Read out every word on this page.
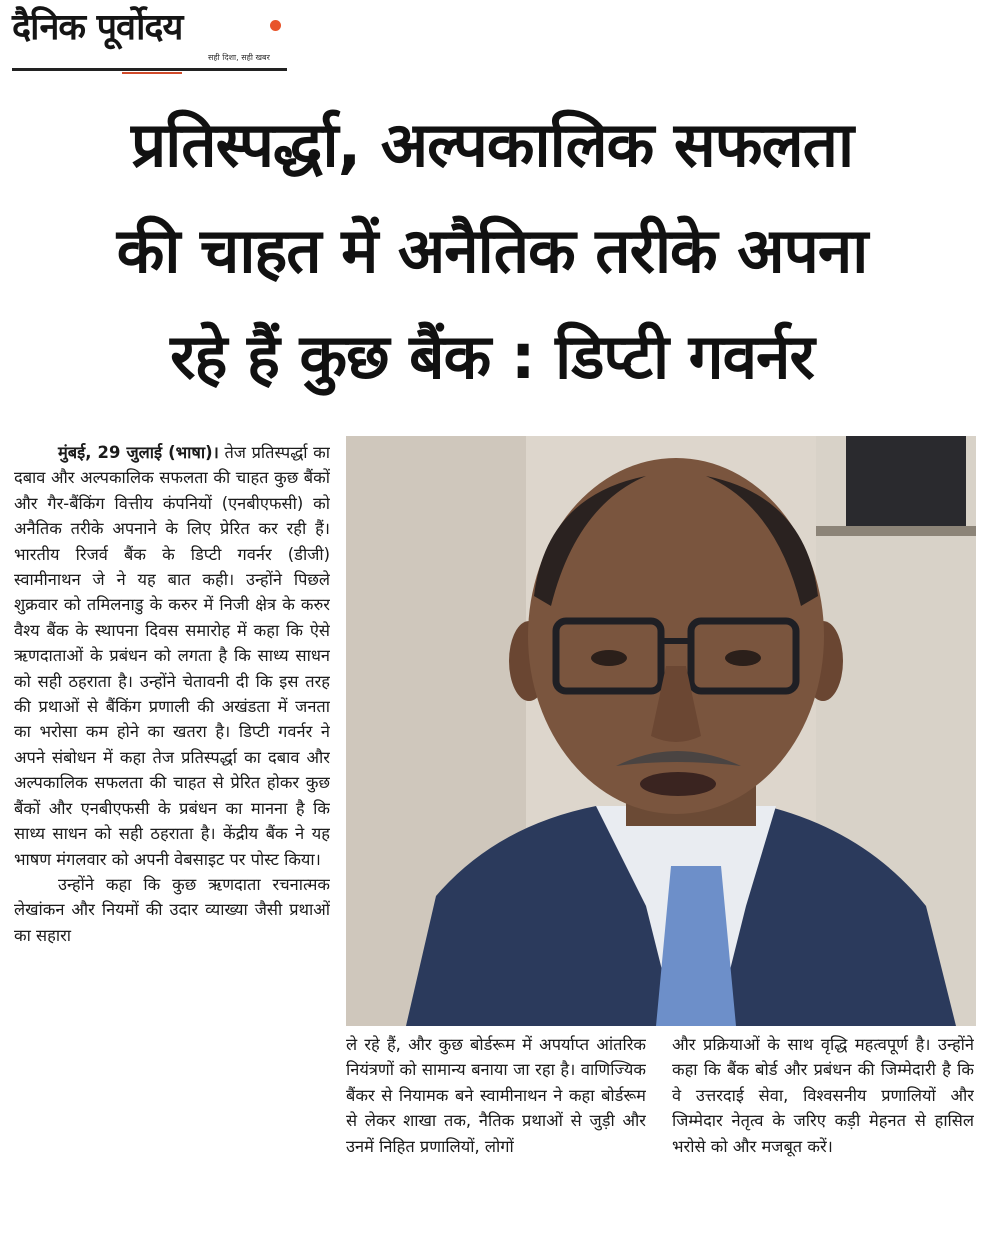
दैनिक पूर्वोदय
सही दिशा, सही खबर
प्रतिस्पर्द्धा, अल्पकालिक सफलता
की चाहत में अनैतिक तरीके अपना
रहे हैं कुछ बैंक : डिप्टी गवर्नर

मुंबई, 29 जुलाई (भाषा)। तेज प्रतिस्पर्द्धा का दबाव और अल्पकालिक सफलता की चाहत कुछ बैंकों और गैर-बैंकिंग वित्तीय कंपनियों (एनबीएफसी) को अनैतिक तरीके अपनाने के लिए प्रेरित कर रही हैं। भारतीय रिजर्व बैंक के डिप्टी गवर्नर (डीजी) स्वामीनाथन जे ने यह बात कही। उन्होंने पिछले शुक्रवार को तमिलनाडु के करुर में निजी क्षेत्र के करुर वैश्य बैंक के स्थापना दिवस समारोह में कहा कि ऐसे ऋणदाताओं के प्रबंधन को लगता है कि साध्य साधन को सही ठहराता है। उन्होंने चेतावनी दी कि इस तरह की प्रथाओं से बैंकिंग प्रणाली की अखंडता में जनता का भरोसा कम होने का खतरा है। डिप्टी गवर्नर ने अपने संबोधन में कहा तेज प्रतिस्पर्द्धा का दबाव और अल्पकालिक सफलता की चाहत से प्रेरित होकर कुछ बैंकों और एनबीएफसी के प्रबंधन का मानना है कि साध्य साधन को सही ठहराता है। केंद्रीय बैंक ने यह भाषण मंगलवार को अपनी वेबसाइट पर पोस्ट किया।

उन्होंने कहा कि कुछ ऋणदाता रचनात्मक लेखांकन और नियमों की उदार व्याख्या जैसी प्रथाओं का सहारा

ले रहे हैं, और कुछ बोर्डरूम में अपर्याप्त आंतरिक नियंत्रणों को सामान्य बनाया जा रहा है। वाणिज्यिक बैंकर से नियामक बने स्वामीनाथन ने कहा बोर्डरूम से लेकर शाखा तक, नैतिक प्रथाओं से जुड़ी और उनमें निहित प्रणालियों, लोगों

और प्रक्रियाओं के साथ वृद्धि महत्वपूर्ण है। उन्होंने कहा कि बैंक बोर्ड और प्रबंधन की जिम्मेदारी है कि वे उत्तरदाई सेवा, विश्वसनीय प्रणालियों और जिम्मेदार नेतृत्व के जरिए कड़ी मेहनत से हासिल भरोसे को और मजबूत करें।
